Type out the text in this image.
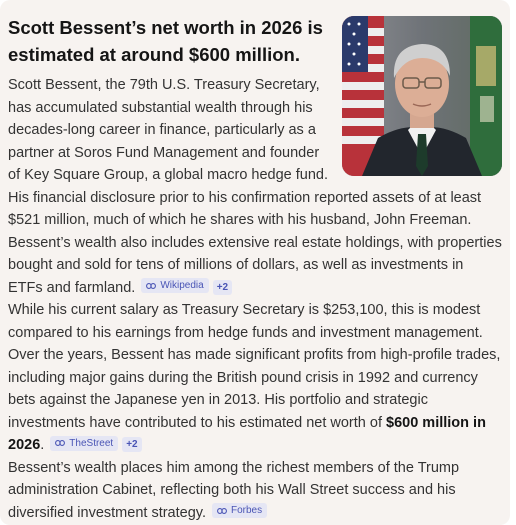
Scott Bessent’s net worth in 2026 is estimated at around $600 million.

Scott Bessent, the 79th U.S. Treasury Secretary, has accumulated substantial wealth through his decades-long career in finance, particularly as a partner at Soros Fund Management and founder of Key Square Group, a global macro hedge fund. His financial disclosure prior to his confirmation reported assets of at least $521 million, much of which he shares with his husband, John Freeman. Bessent’s wealth also includes extensive real estate holdings, with properties bought and sold for tens of millions of dollars, as well as investments in ETFs and farmland.	Wikipedia +2

While his current salary as Treasury Secretary is $253,100, this is modest compared to his earnings from hedge funds and investment management. Over the years, Bessent has made significant profits from high-profile trades, including major gains during the British pound crisis in 1992 and currency bets against the Japanese yen in 2013. His portfolio and strategic investments have contributed to his estimated net worth of $600 million in 2026.	TheStreet +2

Bessent’s wealth places him among the richest members of the Trump administration Cabinet, reflecting both his Wall Street success and his diversified investment strategy.	Forbes
